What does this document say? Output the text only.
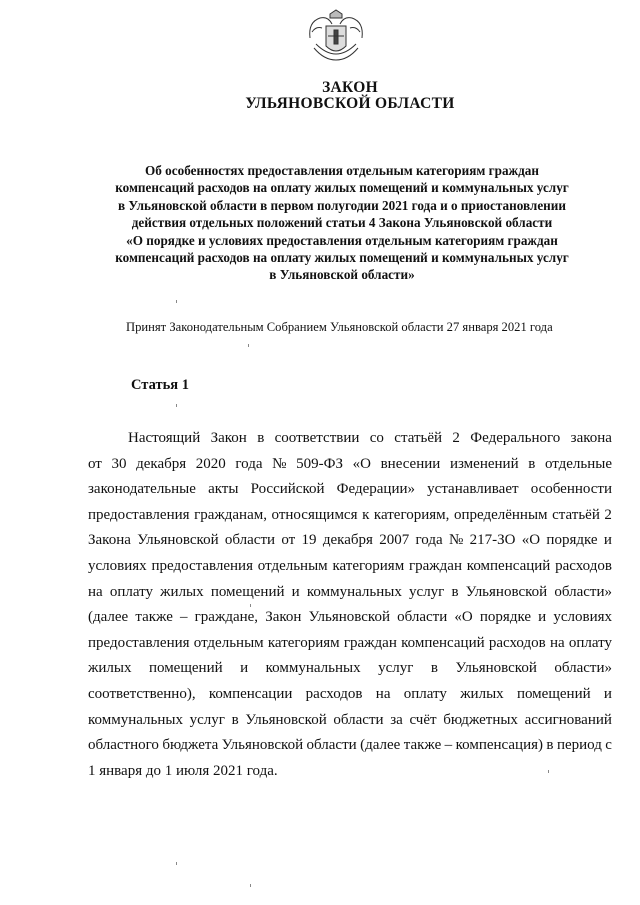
ЗАКОН
УЛЬЯНОВСКОЙ ОБЛАСТИ
Об особенностях предоставления отдельным категориям граждан
компенсаций расходов на оплату жилых помещений и коммунальных услуг
в Ульяновской области в первом полугодии 2021 года и о приостановлении
действия отдельных положений статьи 4 Закона Ульяновской области
«О порядке и условиях предоставления отдельным категориям граждан
компенсаций расходов на оплату жилых помещений и коммунальных услуг
в Ульяновской области»
Принят Законодательным Собранием Ульяновской области 27 января 2021 года
Статья 1
Настоящий Закон в соответствии со статьёй 2 Федерального закона
от 30 декабря 2020 года № 509-ФЗ «О внесении изменений в отдельные
законодательные акты Российской Федерации» устанавливает особенности
предоставления гражданам, относящимся к категориям, определённым статьёй 2
Закона Ульяновской области от 19 декабря 2007 года № 217-ЗО «О порядке и
условиях предоставления отдельным категориям граждан компенсаций расходов
на оплату жилых помещений и коммунальных услуг в Ульяновской области»
(далее также – граждане, Закон Ульяновской области «О порядке и условиях
предоставления отдельным категориям граждан компенсаций расходов на оплату
жилых помещений и коммунальных услуг в Ульяновской области»
соответственно), компенсации расходов на оплату жилых помещений и
коммунальных услуг в Ульяновской области за счёт бюджетных ассигнований
областного бюджета Ульяновской области (далее также – компенсация) в период с
1 января до 1 июля 2021 года.
